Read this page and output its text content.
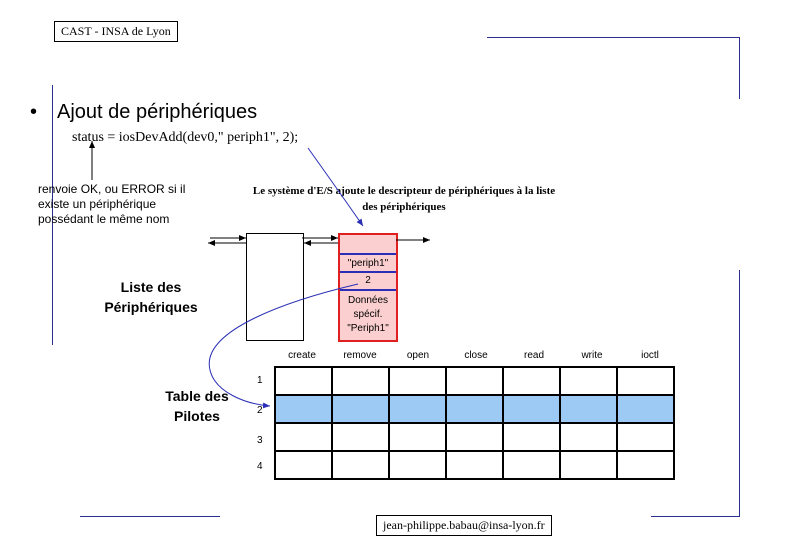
CAST - INSA de Lyon
jean-philippe.babau@insa-lyon.fr
• Ajout de périphériques
status = iosDevAdd(dev0," periph1", 2);
renvoie OK, ou ERROR si il
existe un périphérique
possédant le même nom
Le système d'E/S ajoute le descripteur de périphériques à la liste
des périphériques
Liste des
Périphériques
Table des
Pilotes
"periph1"
2
Données
spécif.
"Periph1"
create	remove	open	close	read	write	ioctl
1
2
3
4
